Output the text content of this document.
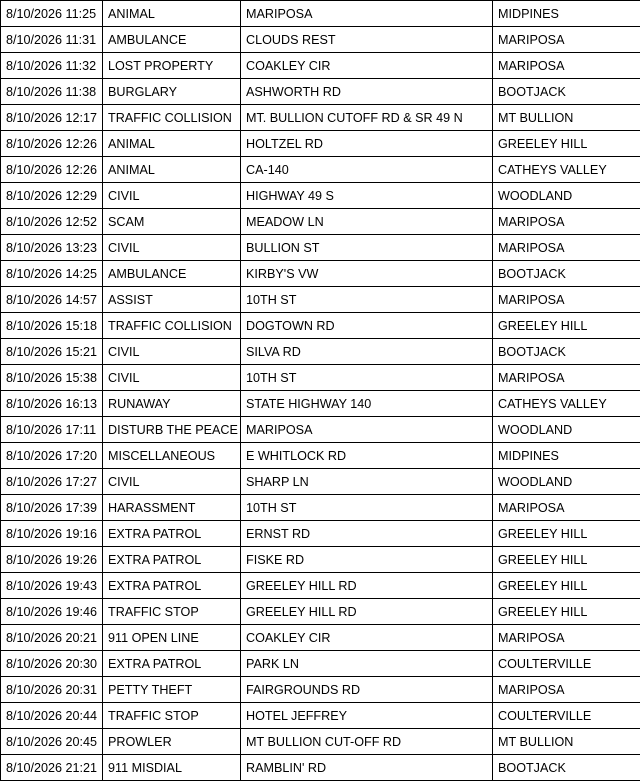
8/10/2026 11:25	ANIMAL	MARIPOSA	MIDPINES
8/10/2026 11:31	AMBULANCE	CLOUDS REST	MARIPOSA
8/10/2026 11:32	LOST PROPERTY	COAKLEY CIR	MARIPOSA
8/10/2026 11:38	BURGLARY	ASHWORTH RD	BOOTJACK
8/10/2026 12:17	TRAFFIC COLLISION	MT. BULLION CUTOFF RD & SR 49 N	MT BULLION
8/10/2026 12:26	ANIMAL	HOLTZEL RD	GREELEY HILL
8/10/2026 12:26	ANIMAL	CA-140	CATHEYS VALLEY
8/10/2026 12:29	CIVIL	HIGHWAY 49 S	WOODLAND
8/10/2026 12:52	SCAM	MEADOW LN	MARIPOSA
8/10/2026 13:23	CIVIL	BULLION ST	MARIPOSA
8/10/2026 14:25	AMBULANCE	KIRBY'S VW	BOOTJACK
8/10/2026 14:57	ASSIST	10TH ST	MARIPOSA
8/10/2026 15:18	TRAFFIC COLLISION	DOGTOWN RD	GREELEY HILL
8/10/2026 15:21	CIVIL	SILVA RD	BOOTJACK
8/10/2026 15:38	CIVIL	10TH ST	MARIPOSA
8/10/2026 16:13	RUNAWAY	STATE HIGHWAY 140	CATHEYS VALLEY
8/10/2026 17:11	DISTURB THE PEACE	MARIPOSA	WOODLAND
8/10/2026 17:20	MISCELLANEOUS	E WHITLOCK RD	MIDPINES
8/10/2026 17:27	CIVIL	SHARP LN	WOODLAND
8/10/2026 17:39	HARASSMENT	10TH ST	MARIPOSA
8/10/2026 19:16	EXTRA PATROL	ERNST RD	GREELEY HILL
8/10/2026 19:26	EXTRA PATROL	FISKE RD	GREELEY HILL
8/10/2026 19:43	EXTRA PATROL	GREELEY HILL RD	GREELEY HILL
8/10/2026 19:46	TRAFFIC STOP	GREELEY HILL RD	GREELEY HILL
8/10/2026 20:21	911 OPEN LINE	COAKLEY CIR	MARIPOSA
8/10/2026 20:30	EXTRA PATROL	PARK LN	COULTERVILLE
8/10/2026 20:31	PETTY THEFT	FAIRGROUNDS RD	MARIPOSA
8/10/2026 20:44	TRAFFIC STOP	HOTEL JEFFREY	COULTERVILLE
8/10/2026 20:45	PROWLER	MT BULLION CUT-OFF RD	MT BULLION
8/10/2026 21:21	911 MISDIAL	RAMBLIN' RD	BOOTJACK
